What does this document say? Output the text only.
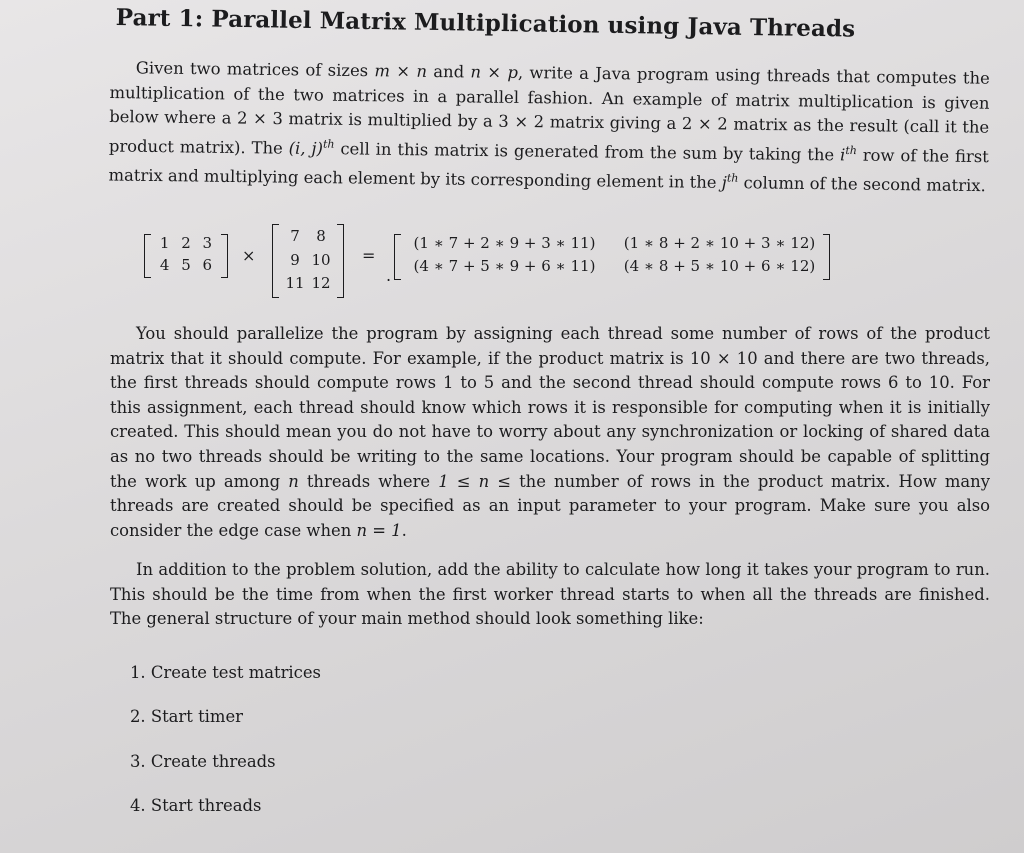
Part 1: Parallel Matrix Multiplication using Java Threads
Given two matrices of sizes m × n and n × p, write a Java program using threads that computes the multiplication of the two matrices in a parallel fashion. An example of matrix multiplication is given below where a 2 × 3 matrix is multiplied by a 3 × 2 matrix giving a 2 × 2 matrix as the result (call it the product matrix). The (i, j)$^{th}$ cell in this matrix is generated from the sum by taking the $i^{th}$ row of the first matrix and multiplying each element by its corresponding element in the $j^{th}$ column of the second matrix.
1 2 3
4 5 6	×
7	8
9 10
11 12
=
.
(1 ∗ 7 + 2 ∗ 9 + 3 ∗ 11)	(1 ∗ 8 + 2 ∗ 10 + 3 ∗ 12)
(4 ∗ 7 + 5 ∗ 9 + 6 ∗ 11)	(4 ∗ 8 + 5 ∗ 10 + 6 ∗ 12)
You should parallelize the program by assigning each thread some number of rows of the product matrix that it should compute. For example, if the product matrix is 10 × 10 and there are two threads, the first threads should compute rows 1 to 5 and the second thread should compute rows 6 to 10. For this assignment, each thread should know which rows it is responsible for computing when it is initially created. This should mean you do not have to worry about any synchronization or locking of shared data as no two threads should be writing to the same locations. Your program should be capable of splitting the work up among n threads where 1 ≤ n ≤ the number of rows in the product matrix. How many threads are created should be specified as an input parameter to your program. Make sure you also consider the edge case when n = 1.
In addition to the problem solution, add the ability to calculate how long it takes your program to run. This should be the time from when the first worker thread starts to when all the threads are finished. The general structure of your main method should look something like:
1. Create test matrices
2. Start timer
3. Create threads
4. Start threads
